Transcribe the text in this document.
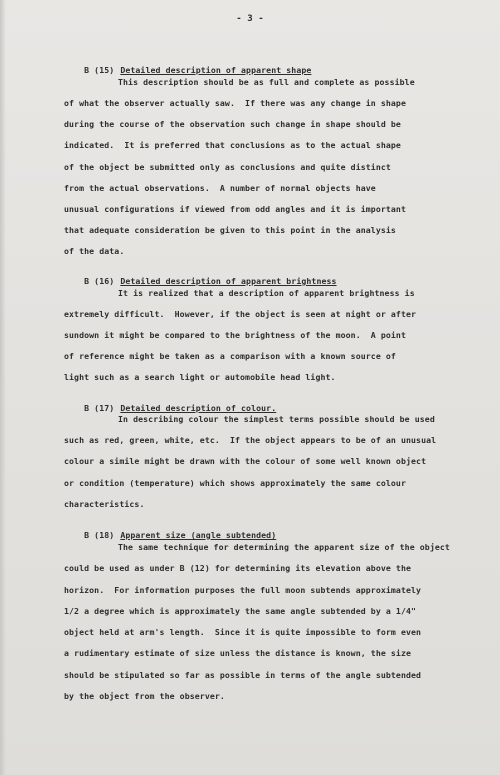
- 3 -

B (15) Detailed description of apparent shape

This description should be as full and complete as possible
of what the observer actually saw.  If there was any change in shape
during the course of the observation such change in shape should be
indicated.  It is preferred that conclusions as to the actual shape
of the object be submitted only as conclusions and quite distinct
from the actual observations.  A number of normal objects have
unusual configurations if viewed from odd angles and it is important
that adequate consideration be given to this point in the analysis
of the data.

B (16) Detailed description of apparent brightness

It is realized that a description of apparent brightness is
extremely difficult.  However, if the object is seen at night or after
sundown it might be compared to the brightness of the moon.  A point
of reference might be taken as a comparison with a known source of
light such as a search light or automobile head light.

B (17) Detailed description of colour.

In describing colour the simplest terms possible should be used
such as red, green, white, etc.  If the object appears to be of an unusual
colour a simile might be drawn with the colour of some well known object
or condition (temperature) which shows approximately the same colour
characteristics.

B (18) Apparent size (angle subtended)

The same technique for determining the apparent size of the object
could be used as under B (12) for determining its elevation above the
horizon.  For information purposes the full moon subtends approximately
1/2 a degree which is approximately the same angle subtended by a 1/4"
object held at arm's length.  Since it is quite impossible to form even
a rudimentary estimate of size unless the distance is known, the size
should be stipulated so far as possible in terms of the angle subtended
by the object from the observer.
